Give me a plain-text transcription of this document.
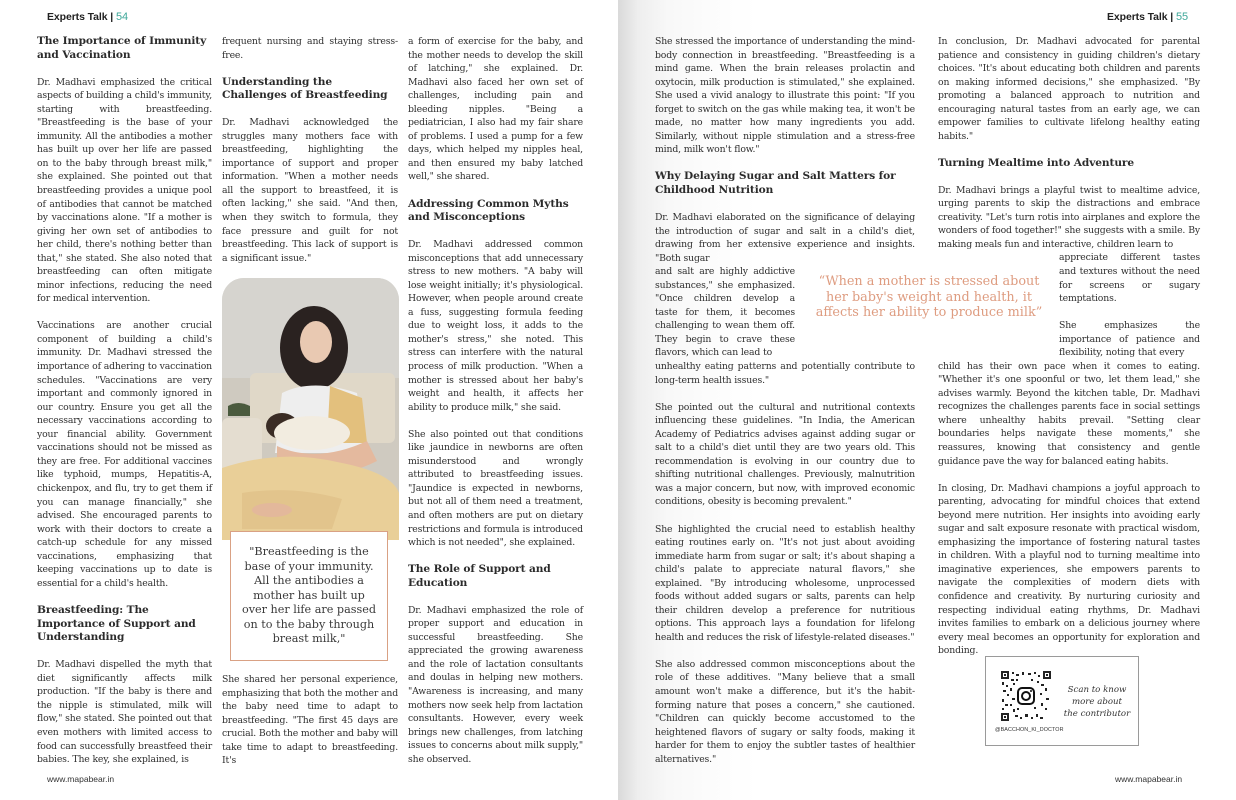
Experts Talk | 54
The Importance of Immunity and Vaccination

Dr. Madhavi emphasized the critical aspects of building a child's immunity, starting with breastfeeding. "Breastfeeding is the base of your immunity. All the antibodies a mother has built up over her life are passed on to the baby through breast milk," she explained. She pointed out that breastfeeding provides a unique pool of antibodies that cannot be matched by vaccinations alone. "If a mother is giving her own set of antibodies to her child, there's nothing better than that," she stated. She also noted that breastfeeding can often mitigate minor infections, reducing the need for medical intervention.

Vaccinations are another crucial component of building a child's immunity. Dr. Madhavi stressed the importance of adhering to vaccination schedules. "Vaccinations are very important and commonly ignored in our country. Ensure you get all the necessary vaccinations according to your financial ability. Government vaccinations should not be missed as they are free. For additional vaccines like typhoid, mumps, Hepatitis-A, chickenpox, and flu, try to get them if you can manage financially," she advised. She encouraged parents to work with their doctors to create a catch-up schedule for any missed vaccinations, emphasizing that keeping vaccinations up to date is essential for a child's health.

Breastfeeding: The Importance of Support and Understanding

Dr. Madhavi dispelled the myth that diet significantly affects milk production. "If the baby is there and the nipple is stimulated, milk will flow," she stated. She pointed out that even mothers with limited access to food can successfully breastfeed their babies. The key, she explained, is

frequent nursing and staying stress-free.

Understanding the Challenges of Breastfeeding

Dr. Madhavi acknowledged the struggles many mothers face with breastfeeding, highlighting the importance of support and proper information. "When a mother needs all the support to breastfeed, it is often lacking," she said. "And then, when they switch to formula, they face pressure and guilt for not breastfeeding. This lack of support is a significant issue."

"Breastfeeding is the base of your immunity. All the antibodies a mother has built up over her life are passed on to the baby through breast milk,"

She shared her personal experience, emphasizing that both the mother and the baby need time to adapt to breastfeeding. "The first 45 days are crucial. Both the mother and baby will take time to adapt to breastfeeding. It's

a form of exercise for the baby, and the mother needs to develop the skill of latching," she explained. Dr. Madhavi also faced her own set of challenges, including pain and bleeding nipples. "Being a pediatrician, I also had my fair share of problems. I used a pump for a few days, which helped my nipples heal, and then ensured my baby latched well," she shared.

Addressing Common Myths and Misconceptions

Dr. Madhavi addressed common misconceptions that add unnecessary stress to new mothers. "A baby will lose weight initially; it's physiological. However, when people around create a fuss, suggesting formula feeding due to weight loss, it adds to the mother's stress," she noted. This stress can interfere with the natural process of milk production. "When a mother is stressed about her baby's weight and health, it affects her ability to produce milk," she said.

She also pointed out that conditions like jaundice in newborns are often misunderstood and wrongly attributed to breastfeeding issues. "Jaundice is expected in newborns, but not all of them need a treatment, and often mothers are put on dietary restrictions and formula is introduced which is not needed", she explained.

The Role of Support and Education

Dr. Madhavi emphasized the role of proper support and education in successful breastfeeding. She appreciated the growing awareness and the role of lactation consultants and doulas in helping new mothers. "Awareness is increasing, and many mothers now seek help from lactation consultants. However, every week brings new challenges, from latching issues to concerns about milk supply," she observed.

www.mapabear.in
Experts Talk | 55

She stressed the importance of understanding the mind-body connection in breastfeeding. "Breastfeeding is a mind game. When the brain releases prolactin and oxytocin, milk production is stimulated," she explained. She used a vivid analogy to illustrate this point: "If you forget to switch on the gas while making tea, it won't be made, no matter how many ingredients you add. Similarly, without nipple stimulation and a stress-free mind, milk won't flow."

Why Delaying Sugar and Salt Matters for Childhood Nutrition

Dr. Madhavi elaborated on the significance of delaying the introduction of sugar and salt in a child's diet, drawing from her extensive experience and insights. "Both sugar

and salt are highly addictive substances," she emphasized. "Once children develop a taste for them, it becomes challenging to wean them off. They begin to crave these flavors, which can lead to

unhealthy eating patterns and potentially contribute to long-term health issues."

She pointed out the cultural and nutritional contexts influencing these guidelines. "In India, the American Academy of Pediatrics advises against adding sugar or salt to a child's diet until they are two years old. This recommendation is evolving in our country due to shifting nutritional challenges. Previously, malnutrition was a major concern, but now, with improved economic conditions, obesity is becoming prevalent."

She highlighted the crucial need to establish healthy eating routines early on. "It's not just about avoiding immediate harm from sugar or salt; it's about shaping a child's palate to appreciate natural flavors," she explained. "By introducing wholesome, unprocessed foods without added sugars or salts, parents can help their children develop a preference for nutritious options. This approach lays a foundation for lifelong health and reduces the risk of lifestyle-related diseases."

She also addressed common misconceptions about the role of these additives. "Many believe that a small amount won't make a difference, but it's the habit-forming nature that poses a concern," she cautioned. "Children can quickly become accustomed to the heightened flavors of sugary or salty foods, making it harder for them to enjoy the subtler tastes of healthier alternatives."

In conclusion, Dr. Madhavi advocated for parental patience and consistency in guiding children's dietary choices. "It's about educating both children and parents on making informed decisions," she emphasized. "By promoting a balanced approach to nutrition and encouraging natural tastes from an early age, we can empower families to cultivate lifelong healthy eating habits."

Turning Mealtime into Adventure

Dr. Madhavi brings a playful twist to mealtime advice, urging parents to skip the distractions and embrace creativity. "Let's turn rotis into airplanes and explore the wonders of food together!" she suggests with a smile. By making meals fun and interactive, children learn to

appreciate different tastes and textures without the need for screens or sugary temptations.

She emphasizes the importance of patience and flexibility, noting that every

child has their own pace when it comes to eating. "Whether it's one spoonful or two, let them lead," she advises warmly. Beyond the kitchen table, Dr. Madhavi recognizes the challenges parents face in social settings where unhealthy habits prevail. "Setting clear boundaries helps navigate these moments," she reassures, knowing that consistency and gentle guidance pave the way for balanced eating habits.

In closing, Dr. Madhavi champions a joyful approach to parenting, advocating for mindful choices that extend beyond mere nutrition. Her insights into avoiding early sugar and salt exposure resonate with practical wisdom, emphasizing the importance of fostering natural tastes in children. With a playful nod to turning mealtime into imaginative experiences, she empowers parents to navigate the complexities of modern diets with confidence and creativity. By nurturing curiosity and respecting individual eating rhythms, Dr. Madhavi invites families to embark on a delicious journey where every meal becomes an opportunity for exploration and bonding.

www.mapabear.in
“When a mother is stressed about her baby's weight and health, it affects her ability to produce milk”
@BACCHON_KI_DOCTOR
Scan to know
more about
the contributor
